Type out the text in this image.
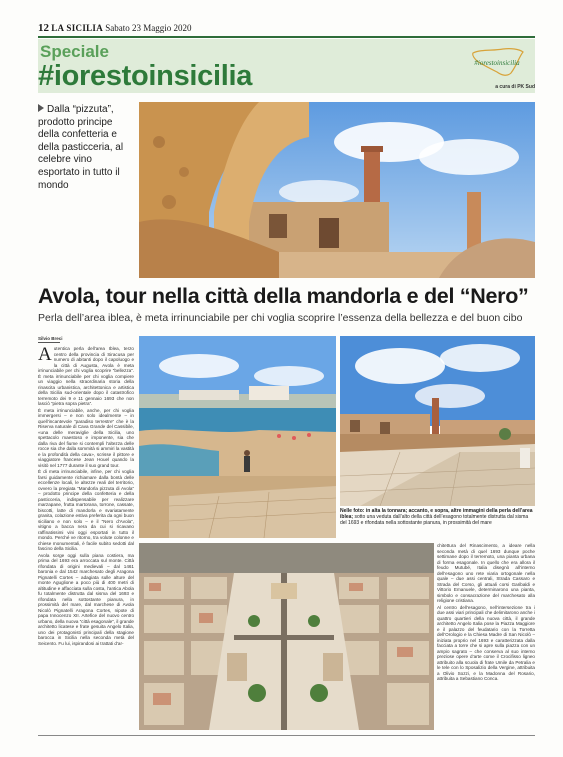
12 LA SICILIA Sabato 23 Maggio 2020
Speciale
#iorestoinsicilia	#iorestoinsicilia
a cura di PK Sud
Dalla “pizzuta”, prodotto principe della confetteria e della pasticceria, al celebre vino esportato in tutto il mondo
Avola, tour nella città della mandorla e del “Nero”
Perla dell’area iblea, è meta irrinunciabile per chi voglia scoprire l’essenza della bellezza e del buon cibo
Silvio Breci

Autentica perla dell’area Iblea, terzo centro della provincia di Siracusa per numero di abitanti dopo il capoluogo e la città di Augusta, Avola è meta irrinunciabile per chi voglia scoprire “bellezza”. È meta irrinunciabile per chi voglia compiere un viaggio nella straordinaria storia della rinascita urbanistica, architettonica e artistica della Sicilia sud-orientale dopo il catastrofico terremoto dei 9 e 11 gennaio 1693 che non lasciò “pietra sopra pietra”.

È meta irrinunciabile, anche, per chi voglia immergersi – e non solo idealmente – in quell’incantevole “paradiso terrestre” che è la Riserva naturale di Cava Grande del Cassibile, «una delle meraviglie della Sicilia, uno spettacolo maestoso e imponente, sia che dalla riva del fiume si contempli l’altezza delle rocce sia che dalla sommità si ammiri la vastità e la profondità della cava», scrisse il pittore e viaggiatore francese Jean Houel quando la visitò nel 1777 durante il suo grand tour.

È di meta irrinunciabile, infine, per chi voglia farsi guidamente richiamare dalla bontà delle eccellenze locali, le altezze reali del territorio, ovvero la pregiata “Mandorla pizzuta di Avola” – prodotto principe della confetteria e della pasticceria, indispensabile per realizzare marzapane, frutta martorana, torrone, cassate, biscotti, latte di mandorla e svariatamente granita, colazione estiva preferita da ogni buon siciliano e non solo – e il “Nero d’Avola”, vitigno a bacca nera da cui si ricavano raffinatissimi vini oggi esportati in tutto il mondo. Perché ve ritorno, tra volute colonne e chiese monumentali, è facile subito sedotti dal fascino della Sicilia.

Avola sorge oggi sulla piana costiera, ma prima del 1693 era arroccata sul monte. Città rifondata di origini medievali – dal 1461 baronia e dal 1542 marchesato degli Aragona Pignatelli Cortes – adagiata sulle alture del monte Aguglione a poco più di 400 metri di altitudine e affacciata sulla costa, l’antica Abola fu totalmente distrutta dal sisma del 1693 e rifondata nella sottostante pianura, in prossimità del mare, dal marchese di Avola Nicolò Pignatelli Aragona Cortes, nipote di papa Innocenzo XII. Artefice del nuovo centro urbano, della nuova “città esagonale”, il grande architetto licatese e frate gesuita Angelo Italia, uno dei protagonisti principali della stagione barocca in Sicilia nella seconda metà del Seicento. Fu lui, ispirandosi ai trattati d’ar-

Nelle foto: in alta la tonnara; accanto, e sopra, altre immagini della perla dell’area iblea; sotto una veduta dall’alto della città dell’esagono totalmente distrutta dal sisma del 1693 e rifondata nella sottostante pianura, in prossimità del mare

chitettura del Rinascimento, a ideare nella seconda metà di quel 1693 dunque poche settimane dopo il terremoto, una pianta urbana di forma esagonale. In quello che era allora il feudo Mutubé, Italia disegnò all’interno dell’esagono uno rete viaria ortogonale nella quale – due assi centrali, Strada Cassaro e Strada del Corso, gli attuali corsi Garibaldi e Vittorio Emanuele, determinarono una pianta, simbolo e consacrazione del marchesato alla religione cristiana.

Al centro dell’esagono, nell’intersezione tra i due assi viari principali che delimitarono anche i quattro quartieri della nuova città, il grande architetto Angelo Italia pose la Piazza Maggiore e il palazzo del feudatario con la Torretta dell’Orologio e la Chiesa Madre di San Nicolò – iniziata proprio nel 1693 e caratterizzata dalla facciata a torre che si apre sulla piazza con un ampio sagrato – che conserva al suo interno preziose opere d’arte come il Crocifisso ligneo attribuito alla scuola di frate Umile da Petralia e le tele con lo Sposalizio della Vergine, attribuita a Olivio Sozzi, e la Madonna del Rosario, attribuita a Sebastiano Conca.
